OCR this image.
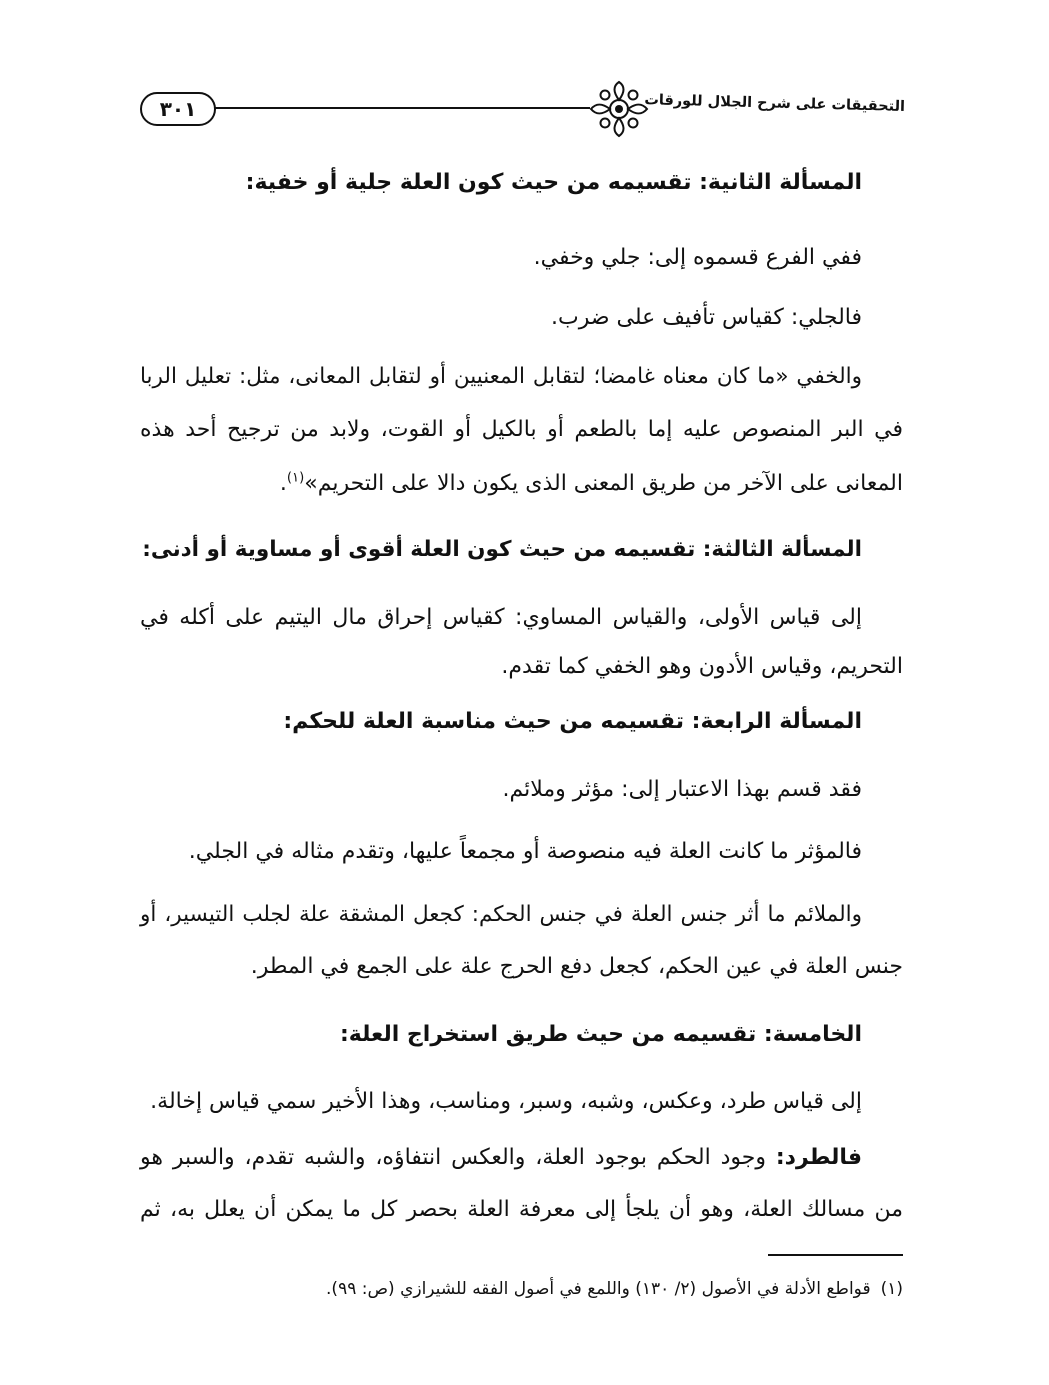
التحقيقات على شرح الجلال للورقات
٣٠١
المسألة الثانية: تقسيمه من حيث كون العلة جلية أو خفية:
ففي الفرع قسموه إلى: جلي وخفي.
فالجلي: كقياس تأفيف على ضرب.
والخفي «ما كان معناه غامضا؛ لتقابل المعنيين أو لتقابل المعانى، مثل: تعليل الربا
في البر المنصوص عليه إما بالطعم أو بالكيل أو القوت، ولابد من ترجيح أحد هذه
المعانى على الآخر من طريق المعنى الذى يكون دالا على التحريم»$^{(١)}$.
المسألة الثالثة: تقسيمه من حيث كون العلة أقوى أو مساوية أو أدنى:
إلى قياس الأولى، والقياس المساوي: كقياس إحراق مال اليتيم على أكله في
التحريم، وقياس الأدون وهو الخفي كما تقدم.
المسألة الرابعة: تقسيمه من حيث مناسبة العلة للحكم:
فقد قسم بهذا الاعتبار إلى: مؤثر وملائم.
فالمؤثر ما كانت العلة فيه منصوصة أو مجمعاً عليها، وتقدم مثاله في الجلي.
والملائم ما أثر جنس العلة في جنس الحكم: كجعل المشقة علة لجلب التيسير، أو
جنس العلة في عين الحكم، كجعل دفع الحرج علة على الجمع في المطر.
الخامسة: تقسيمه من حيث طريق استخراج العلة:
إلى قياس طرد، وعكس، وشبه، وسبر، ومناسب، وهذا الأخير سمي قياس إخالة.
فالطرد: وجود الحكم بوجود العلة، والعكس انتفاؤه، والشبه تقدم، والسبر هو
من مسالك العلة، وهو أن يلجأ إلى معرفة العلة بحصر كل ما يمكن أن يعلل به، ثم
(١)قواطع الأدلة في الأصول (٢/ ١٣٠) واللمع في أصول الفقه للشيرازي (ص: ٩٩).
